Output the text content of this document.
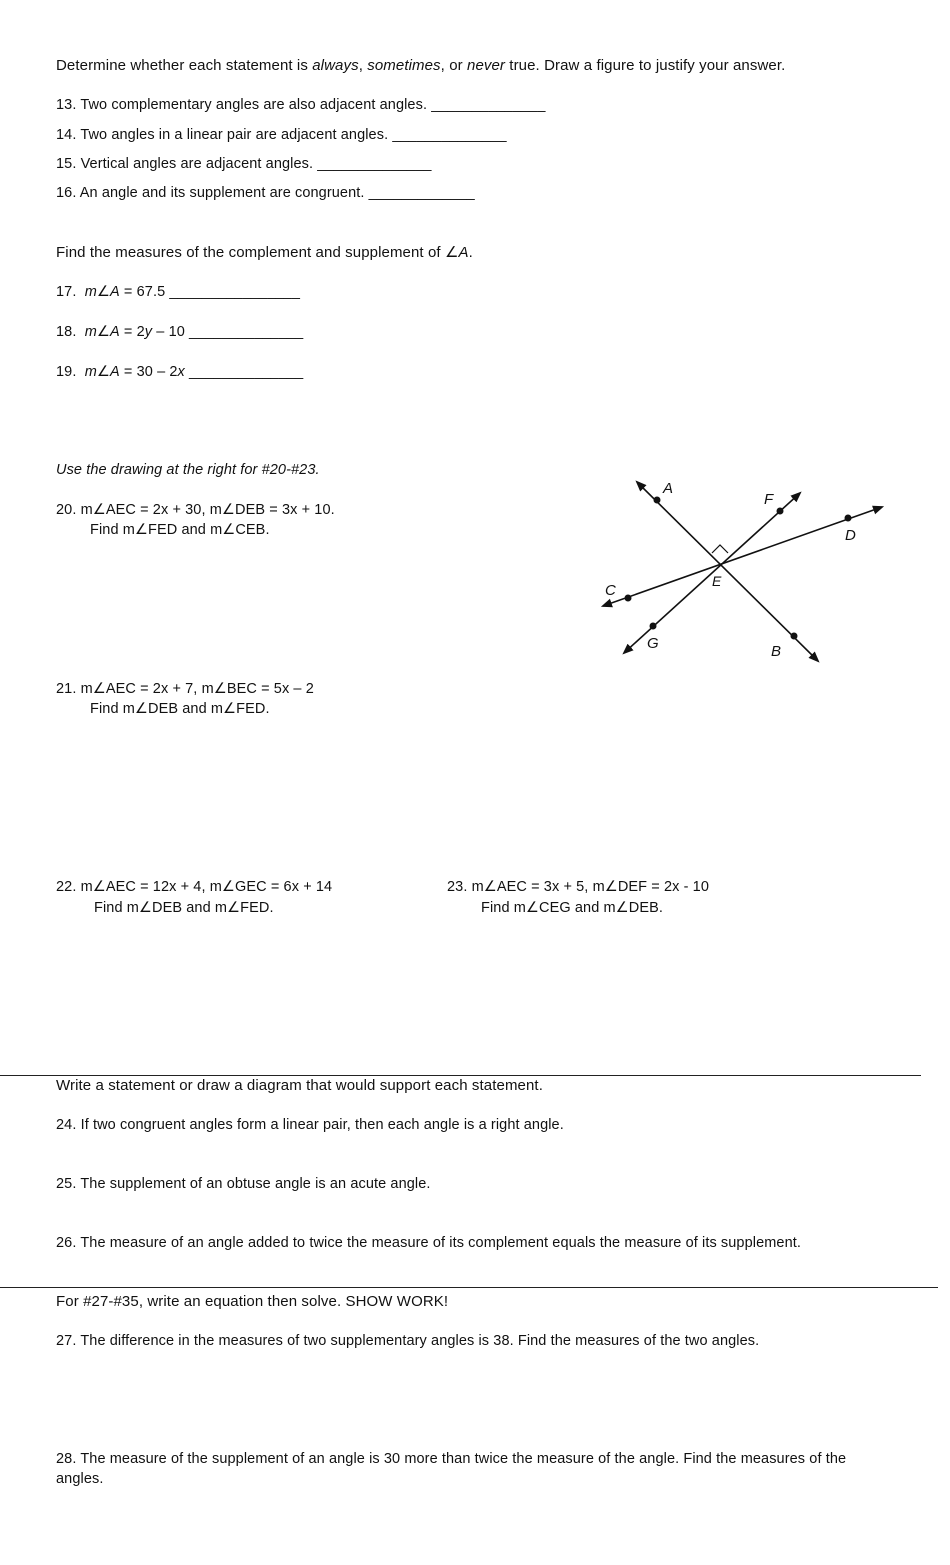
Determine whether each statement is always, sometimes, or never true. Draw a figure to justify your answer.
13. Two complementary angles are also adjacent angles. ______________
14. Two angles in a linear pair are adjacent angles. ______________
15. Vertical angles are adjacent angles. ______________
16. An angle and its supplement are congruent. _____________
Find the measures of the complement and supplement of ∠A.
17. m∠A = 67.5 ________________
18. m∠A = 2y – 10 ______________
19. m∠A = 30 – 2x ______________
Use the drawing at the right for #20-#23.
20. m∠AEC = 2x + 30, m∠DEB = 3x + 10.
Find m∠FED and m∠CEB.
21. m∠AEC = 2x + 7, m∠BEC = 5x – 2
Find m∠DEB and m∠FED.
22. m∠AEC = 12x + 4, m∠GEC = 6x + 14
Find m∠DEB and m∠FED.
23. m∠AEC = 3x + 5, m∠DEF = 2x - 10
Find m∠CEG and m∠DEB.
A
B
C
D
E
F
G
Write a statement or draw a diagram that would support each statement.
24. If two congruent angles form a linear pair, then each angle is a right angle.
25. The supplement of an obtuse angle is an acute angle.
26. The measure of an angle added to twice the measure of its complement equals the measure of its supplement.
For #27-#35, write an equation then solve. SHOW WORK!
27. The difference in the measures of two supplementary angles is 38. Find the measures of the two angles.
28. The measure of the supplement of an angle is 30 more than twice the measure of the angle. Find the measures of the
angles.
